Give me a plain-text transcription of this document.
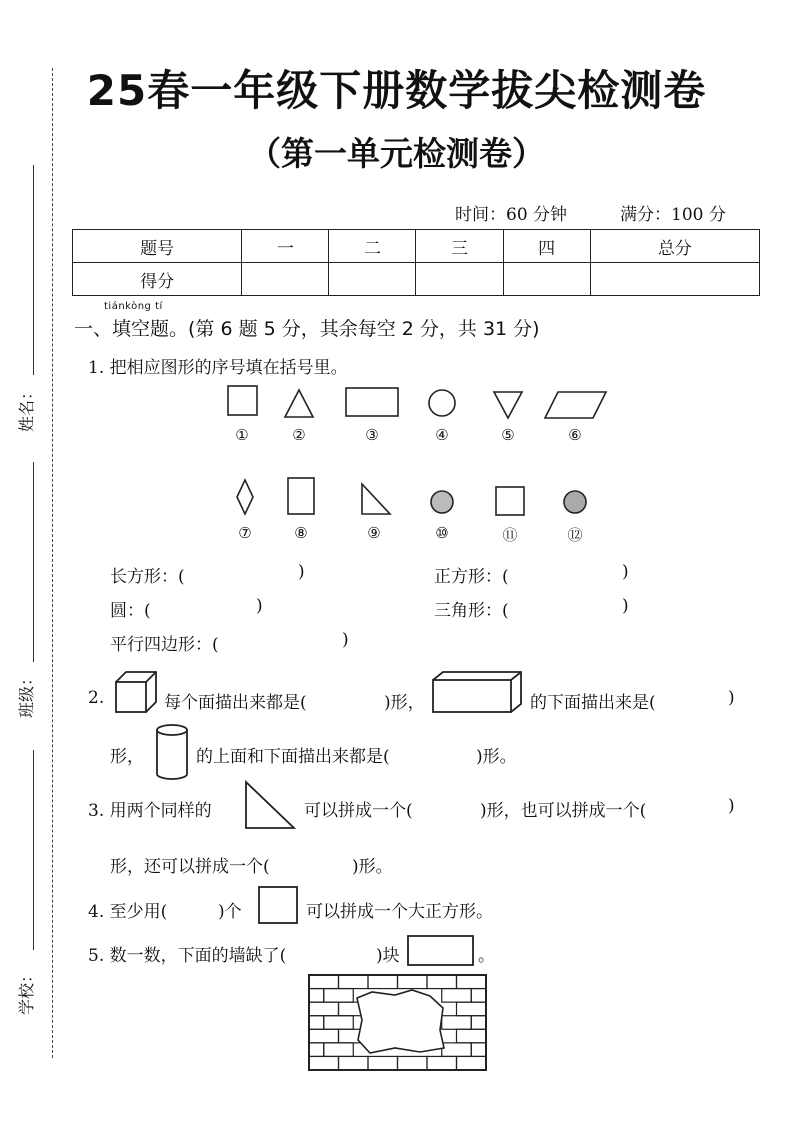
姓名：
班级：
学校：
25春一年级下册数学拔尖检测卷
（第一单元检测卷）
时间：60 分钟	满分：100 分
题号	一	二	三	四	总分
得分					
tiánkòng tí
一、填空题。(第 6 题 5 分，其余每空 2 分，共 31 分)
1. 把相应图形的序号填在括号里。
①	②	③	④	⑤	⑥
⑦	⑧	⑨	⑩	⑪	⑫
长方形：(	)	正方形：(	)
圆：(	)	三角形：(	)
平行四边形：(	)
2.	每个面描出来都是(	)形，	的下面描出来是(	)
形，	的上面和下面描出来都是(	)形。
3. 用两个同样的	可以拼成一个(	)形，也可以拼成一个(	)
形，还可以拼成一个(	)形。
4. 至少用(	)个	可以拼成一个大正方形。
5. 数一数，下面的墙缺了(	)块	。
